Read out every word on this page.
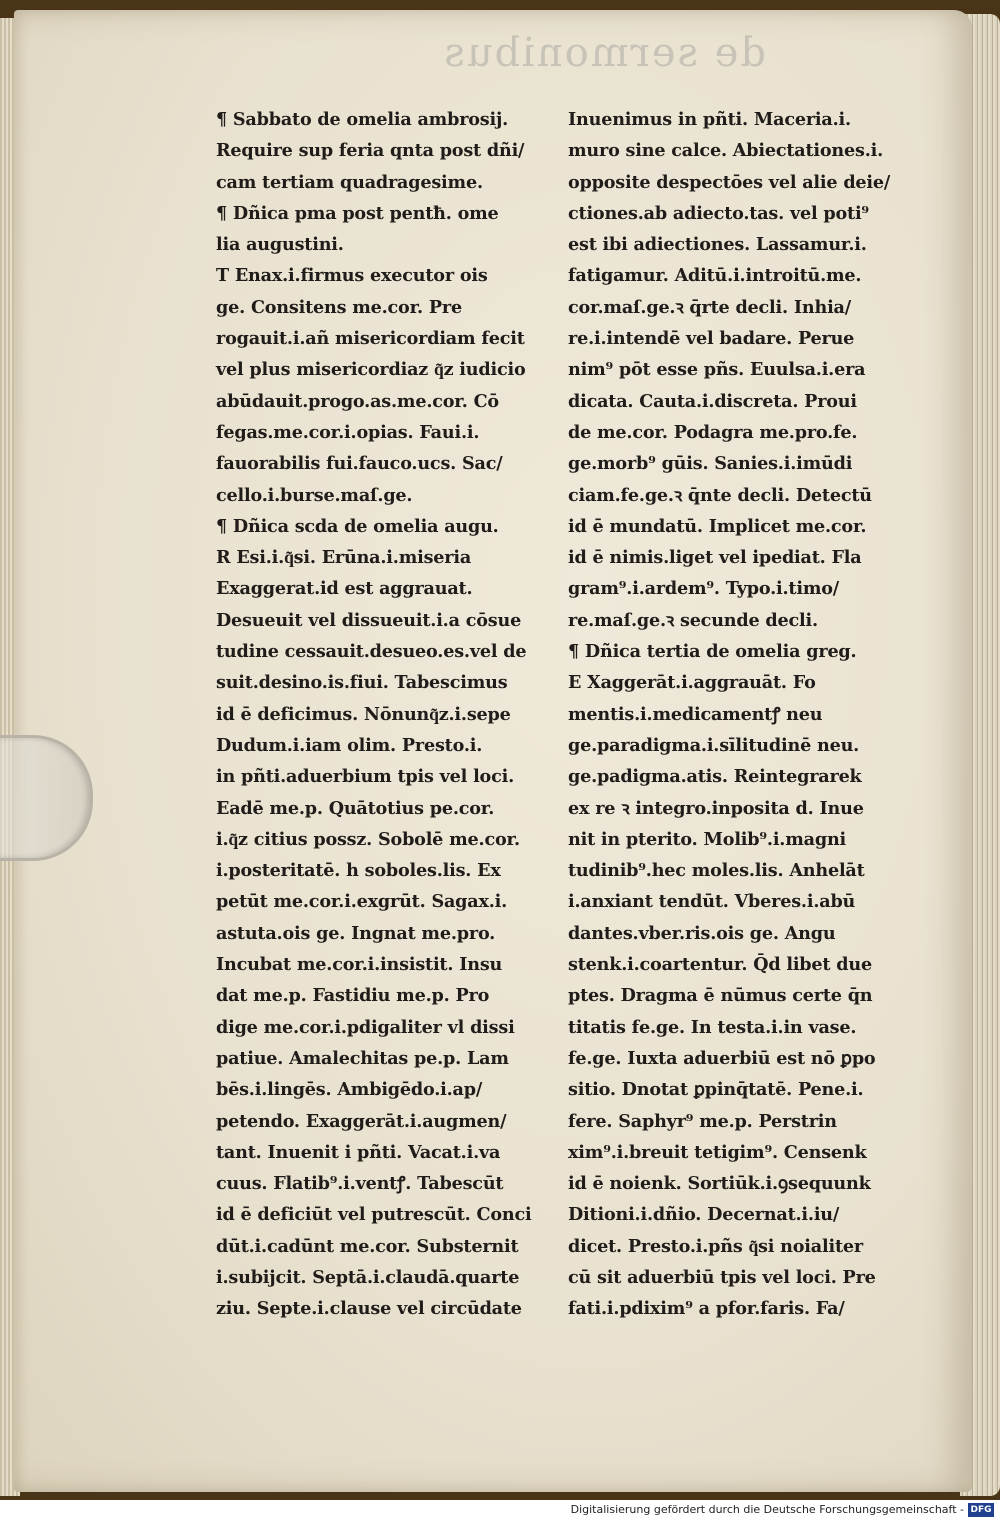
de sermonibus
¶ Sabbato de omelia ambrosij.
Require sup feria qnta post dñi/
cam tertiam quadragesime.
¶ Dñica pma post pentħ. ome
lia augustini.
T Enax.i.firmus executor ois
ge. Consitens me.cor. Pre
rogauit.i.añ misericordiam fecit
vel plus misericordiaz q͂z iudicio
abūdauit.progo.as.me.cor. Cō
fegas.me.cor.i.opias. Faui.i.
fauorabilis fui.fauco.ucs. Sac/
cello.i.burse.maſ.ge.
¶ Dñica scda de omelia augu.
R Esi.i.q͂si. Erūna.i.miseria
Exaggerat.id est aggrauat.
Desueuit vel dissueuit.i.a cōsue
tudine cessauit.desueo.es.vel de
suit.desino.is.fiui. Tabescimus
id ē deficimus. Nōnunq͂z.i.sepe
Dudum.i.iam olim. Presto.i.
in pñti.aduerbium tpis vel loci.
Eadē me.p. Quātotius pe.cor.
i.q͂z citius possz. Sobolē me.cor.
i.posteritatē. h soboles.lis. Ex
petūt me.cor.i.exgrūt. Sagax.i.
astuta.ois ge. Ingnat me.pro.
Incubat me.cor.i.insistit. Insu
dat me.p. Fastidiu me.p. Pro
dige me.cor.i.pdigaliter vl dissi
patiue. Amalechitas pe.p. Lam
bēs.i.lingēs. Ambigēdo.i.ap/
petendo. Exaggerāt.i.augmen/
tant. Inuenit i pñti. Vacat.i.va
cuus. Flatib⁹.i.ventꝭ. Tabescūt
id ē deficiūt vel putrescūt. Conci
dūt.i.cadūnt me.cor. Substernit
i.subijcit. Septā.i.claudā.quarte
ziu. Septe.i.clause vel circūdate
Inuenimus in pñti. Maceria.i.
muro sine calce. Abiectationes.i.
opposite despectōes vel alie deie/
ctiones.ab adiecto.tas. vel poti⁹
est ibi adiectiones. Lassamur.i.
fatigamur. Aditū.i.introitū.me.
cor.maſ.ge.ꝛ q̄rte decli. Inhia/
re.i.intendē vel badare. Perue
nim⁹ pōt esse pñs. Euulsa.i.era
dicata. Cauta.i.discreta. Proui
de me.cor. Podagra me.pro.fe.
ge.morb⁹ gūis. Sanies.i.imūdi
ciam.fe.ge.ꝛ q̄nte decli. Detectū
id ē mundatū. Implicet me.cor.
id ē nimis.liget vel ipediat. Fla
gram⁹.i.ardem⁹. Typo.i.timo/
re.maſ.ge.ꝛ secunde decli.
¶ Dñica tertia de omelia greg.
E Xaggerāt.i.aggrauāt. Fo
mentis.i.medicamentꝭ neu
ge.paradigma.i.sīlitudinē neu.
ge.padigma.atis. Reintegrarek
ex re ꝛ integro.inposita d. Inue
nit in pterito. Molib⁹.i.magni
tudinib⁹.hec moles.lis. Anhelāt
i.anxiant tendūt. Vberes.i.abū
dantes.vber.ris.ois ge. Angu
stenk.i.coartentur. Q̄d libet due
ptes. Dragma ē nūmus certe q̄n
titatis fe.ge. In testa.i.in vase.
fe.ge. Iuxta aduerbiū est nō ꝑpo
sitio. Dnotat ꝑpinq̄tatē. Pene.i.
fere. Saphyr⁹ me.p. Perstrin
xim⁹.i.breuit tetigim⁹. Censenk
id ē noienk. Sortiūk.i.ꝯsequunk
Ditioni.i.dñio. Decernat.i.iu/
dicet. Presto.i.pñs q͂si noialiter
cū sit aduerbiū tpis vel loci. Pre
fati.i.pdixim⁹ a pfor.faris. Fa/
Digitalisierung gefördert durch die Deutsche Forschungsgemeinschaft - DFG
